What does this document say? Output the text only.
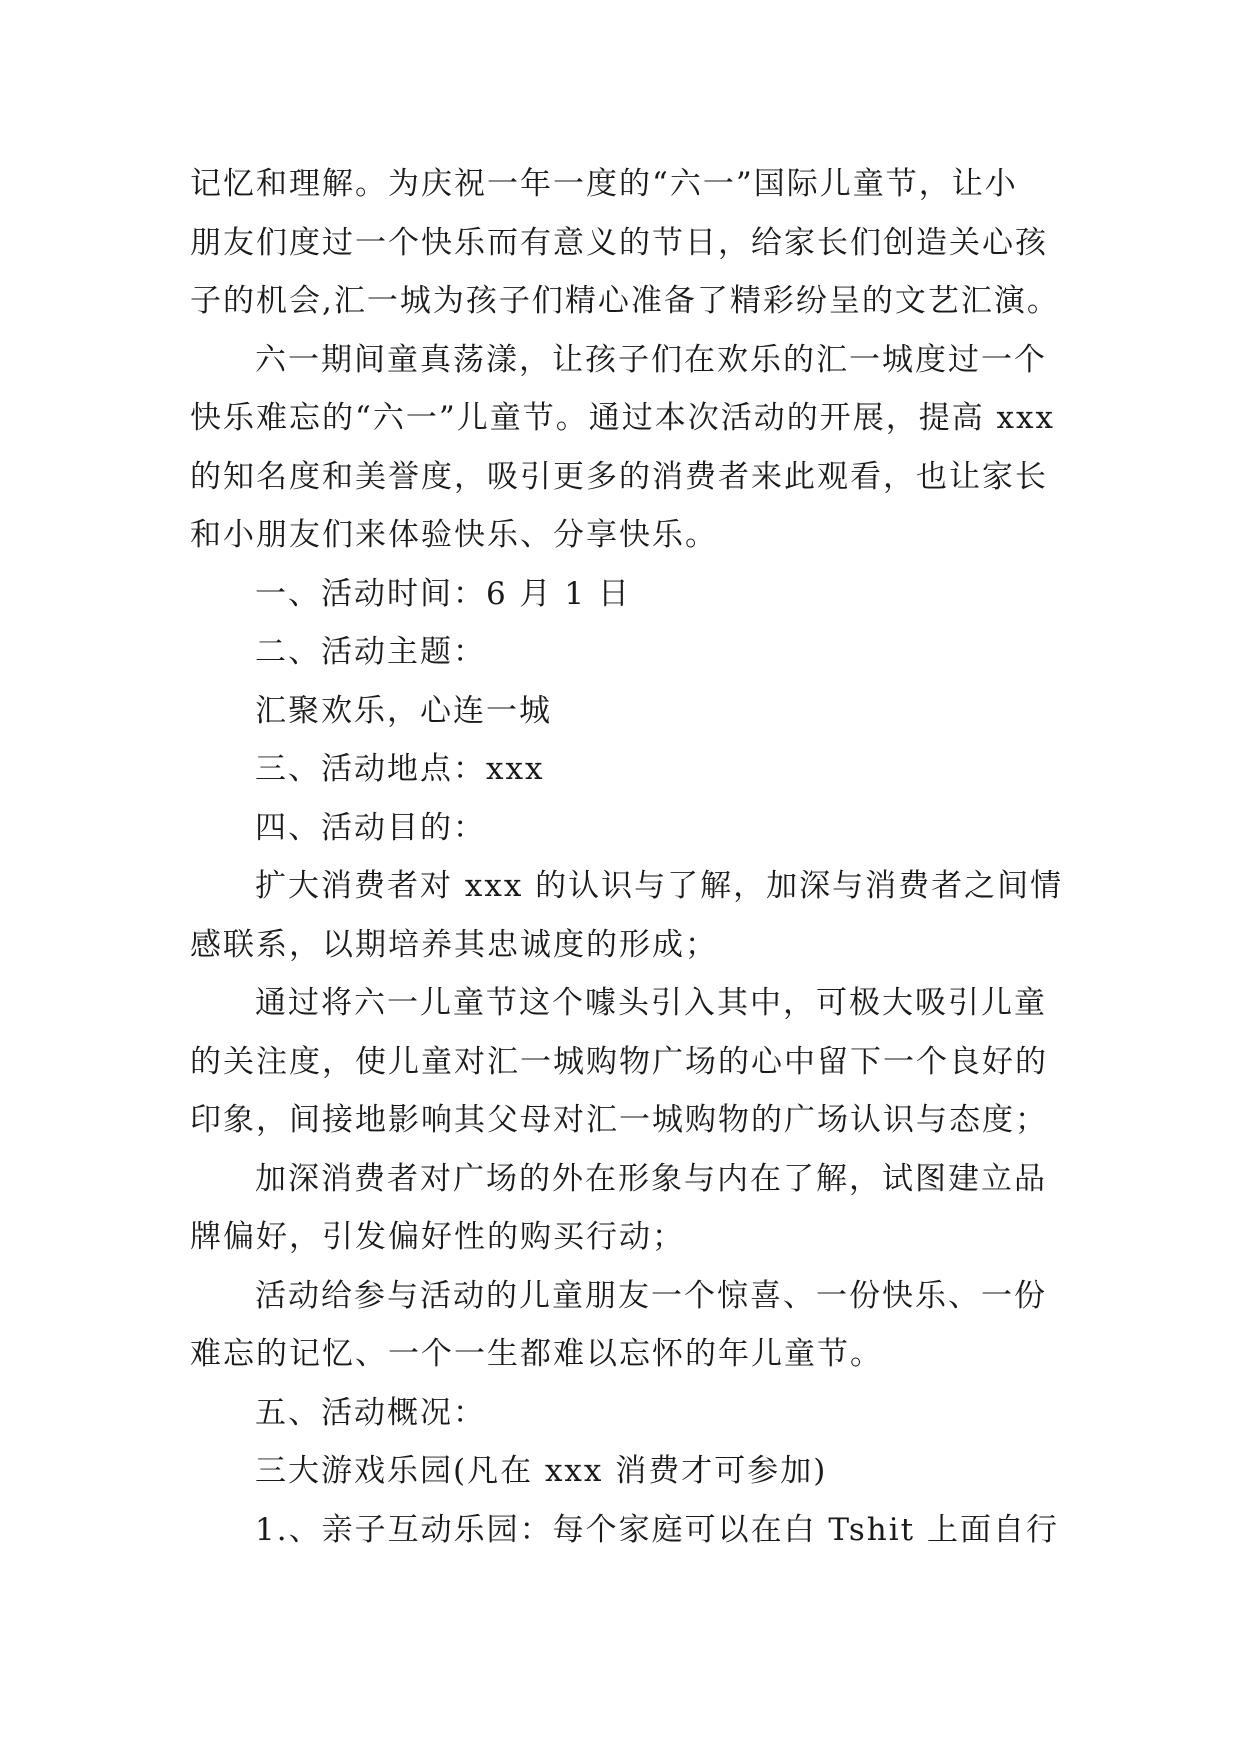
记忆和理解。为庆祝一年一度的“六一”国际儿童节，让小
朋友们度过一个快乐而有意义的节日，给家长们创造关心孩
子的机会,汇一城为孩子们精心准备了精彩纷呈的文艺汇演。
六一期间童真荡漾，让孩子们在欢乐的汇一城度过一个
快乐难忘的“六一”儿童节。通过本次活动的开展，提高 xxx
的知名度和美誉度，吸引更多的消费者来此观看，也让家长
和小朋友们来体验快乐、分享快乐。
一、活动时间：6 月 1 日
二、活动主题：
汇聚欢乐，心连一城
三、活动地点：xxx
四、活动目的：
扩大消费者对 xxx 的认识与了解，加深与消费者之间情
感联系，以期培养其忠诚度的形成；
通过将六一儿童节这个噱头引入其中，可极大吸引儿童
的关注度，使儿童对汇一城购物广场的心中留下一个良好的
印象，间接地影响其父母对汇一城购物的广场认识与态度；
加深消费者对广场的外在形象与内在了解，试图建立品
牌偏好，引发偏好性的购买行动；
活动给参与活动的儿童朋友一个惊喜、一份快乐、一份
难忘的记忆、一个一生都难以忘怀的年儿童节。
五、活动概况：
三大游戏乐园(凡在 xxx 消费才可参加)
1.、亲子互动乐园：每个家庭可以在白 Tshit 上面自行
